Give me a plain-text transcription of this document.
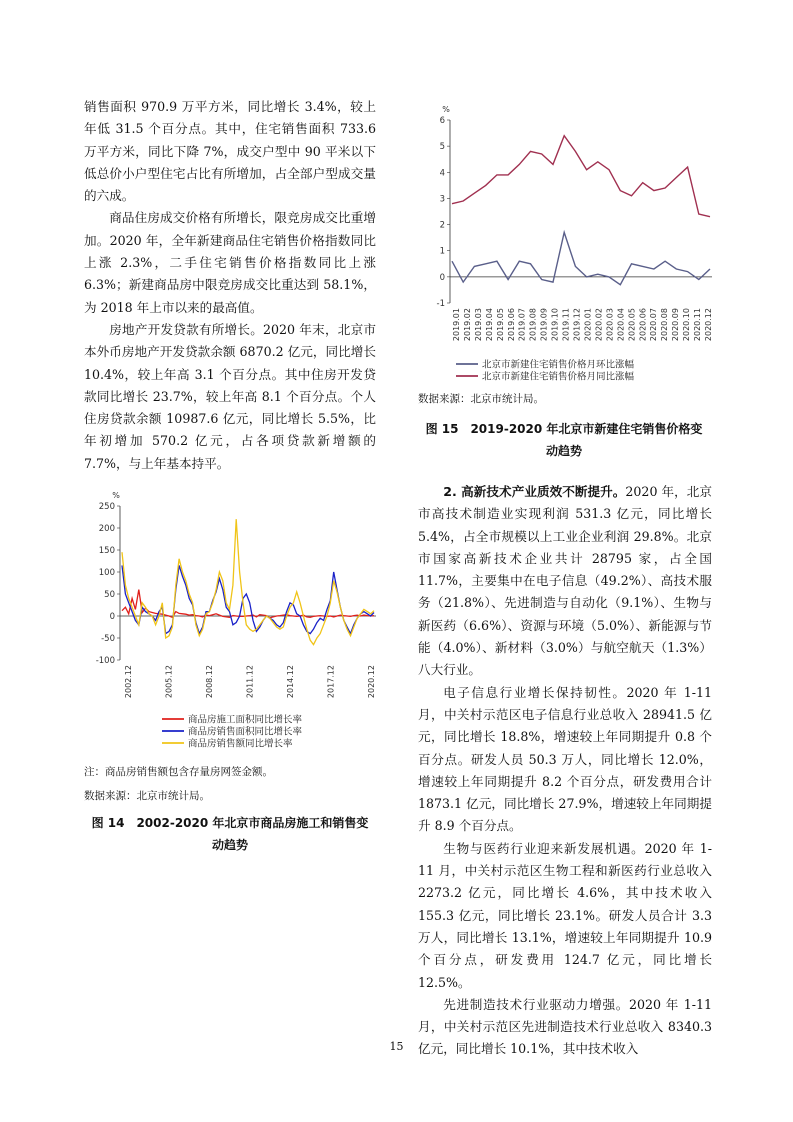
销售面积 970.9 万平方米，同比增长 3.4%，较上年低 31.5 个百分点。其中，住宅销售面积 733.6 万平方米，同比下降 7%，成交户型中 90 平米以下低总价小户型住宅占比有所增加，占全部户型成交量的六成。

商品住房成交价格有所增长，限竞房成交比重增加。2020 年，全年新建商品住宅销售价格指数同比上涨 2.3%，二手住宅销售价格指数同比上涨 6.3%；新建商品房中限竞房成交比重达到 58.1%，为 2018 年上市以来的最高值。

房地产开发贷款有所增长。2020 年末，北京市本外币房地产开发贷款余额 6870.2 亿元，同比增长 10.4%，较上年高 3.1 个百分点。其中住房开发贷款同比增长 23.7%，较上年高 8.1 个百分点。个人住房贷款余额 10987.6 亿元，同比增长 5.5%，比年初增加 570.2 亿元，占各项贷款新增额的 7.7%，与上年基本持平。

%
250
200
150
100
50
0
-50
-100
2002.12	2005.12	2008.12	2011.12	2014.12	2017.12	2020.12
商品房施工面积同比增长率
商品房销售面积同比增长率
商品房销售额同比增长率
注：商品房销售额包含存量房网签金额。
数据来源：北京市统计局。
图 14　2002-2020 年北京市商品房施工和销售变
动趋势
%
6
5
4
3
2
1
0
-1
2019.01 2019.02 2019.03 2019.04 2019.05 2019.06 2019.07 2019.08 2019.09 2019.10 2019.11 2019.12 2020.01 2020.02 2020.03 2020.04 2020.05 2020.06 2020.07 2020.08 2020.09 2020.10 2020.11 2020.12
北京市新建住宅销售价格月环比涨幅
北京市新建住宅销售价格月同比涨幅
数据来源：北京市统计局。
图 15　2019-2020 年北京市新建住宅销售价格变
动趋势

2. 高新技术产业质效不断提升。2020 年，北京市高技术制造业实现利润 531.3 亿元，同比增长 5.4%，占全市规模以上工业企业利润 29.8%。北京市国家高新技术企业共计 28795 家，占全国 11.7%，主要集中在电子信息（49.2%）、高技术服务（21.8%）、先进制造与自动化（9.1%）、生物与新医药（6.6%）、资源与环境（5.0%）、新能源与节能（4.0%）、新材料（3.0%）与航空航天（1.3%）八大行业。

电子信息行业增长保持韧性。2020 年 1-11 月，中关村示范区电子信息行业总收入 28941.5 亿元，同比增长 18.8%，增速较上年同期提升 0.8 个百分点。研发人员 50.3 万人，同比增长 12.0%，增速较上年同期提升 8.2 个百分点，研发费用合计 1873.1 亿元，同比增长 27.9%，增速较上年同期提升 8.9 个百分点。

生物与医药行业迎来新发展机遇。2020 年 1-11 月，中关村示范区生物工程和新医药行业总收入 2273.2 亿元，同比增长 4.6%，其中技术收入 155.3 亿元，同比增长 23.1%。研发人员合计 3.3 万人，同比增长 13.1%，增速较上年同期提升 10.9 个百分点，研发费用 124.7 亿元，同比增长 12.5%。

先进制造技术行业驱动力增强。2020 年 1-11 月，中关村示范区先进制造技术行业总收入 8340.3 亿元，同比增长 10.1%，其中技术收入

15
